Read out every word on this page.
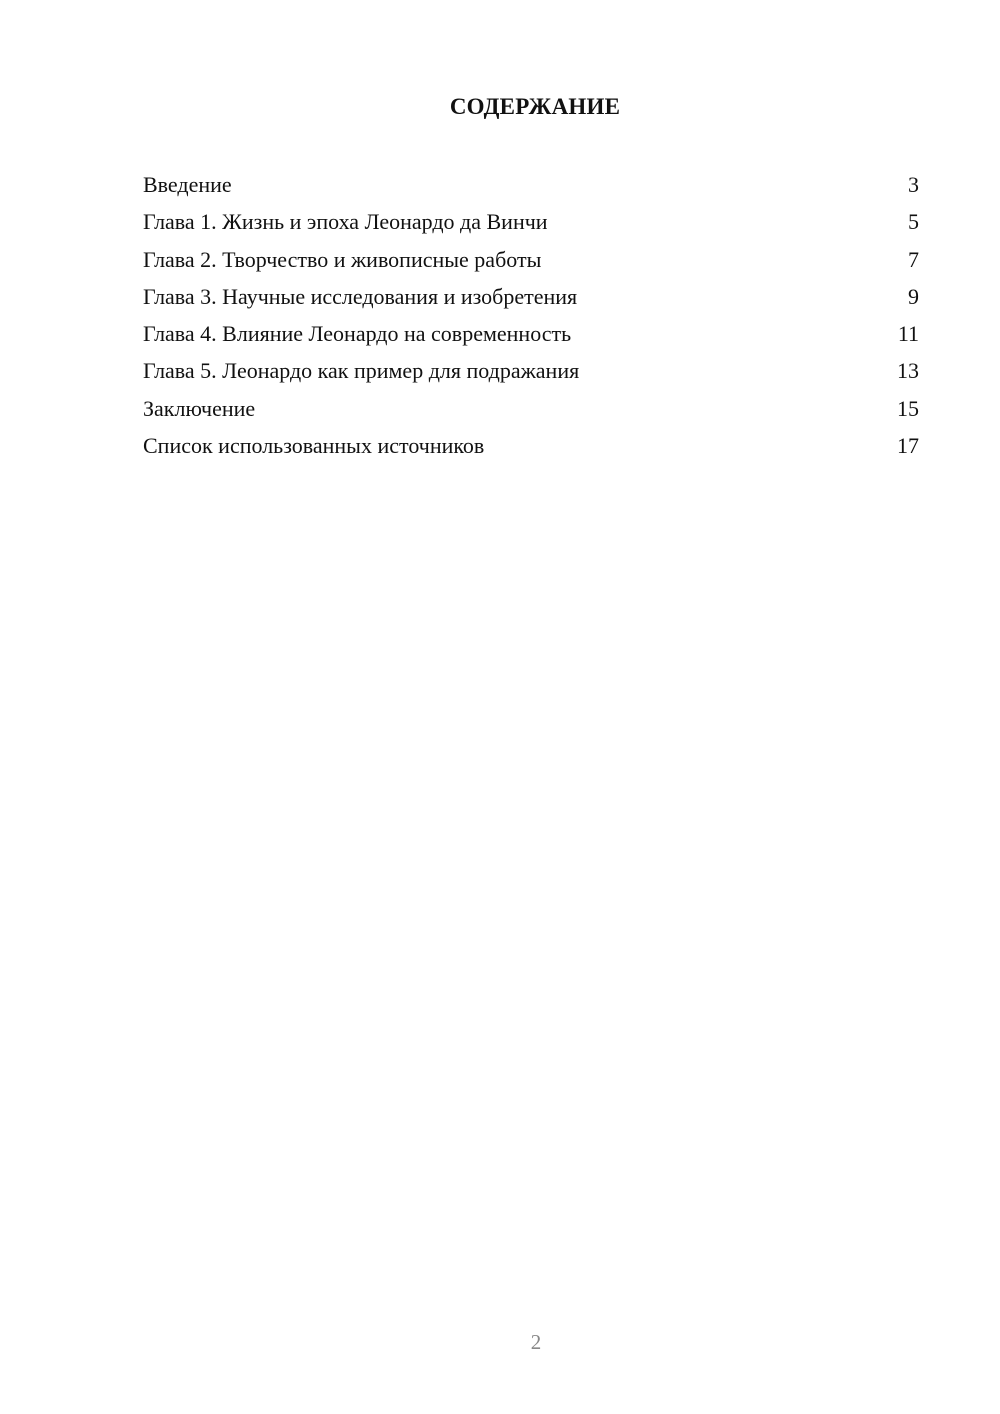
СОДЕРЖАНИЕ
Введение	3
Глава 1. Жизнь и эпоха Леонардо да Винчи	5
Глава 2. Творчество и живописные работы	7
Глава 3. Научные исследования и изобретения	9
Глава 4. Влияние Леонардо на современность	11
Глава 5. Леонардо как пример для подражания	13
Заключение	15
Список использованных источников	17
2
